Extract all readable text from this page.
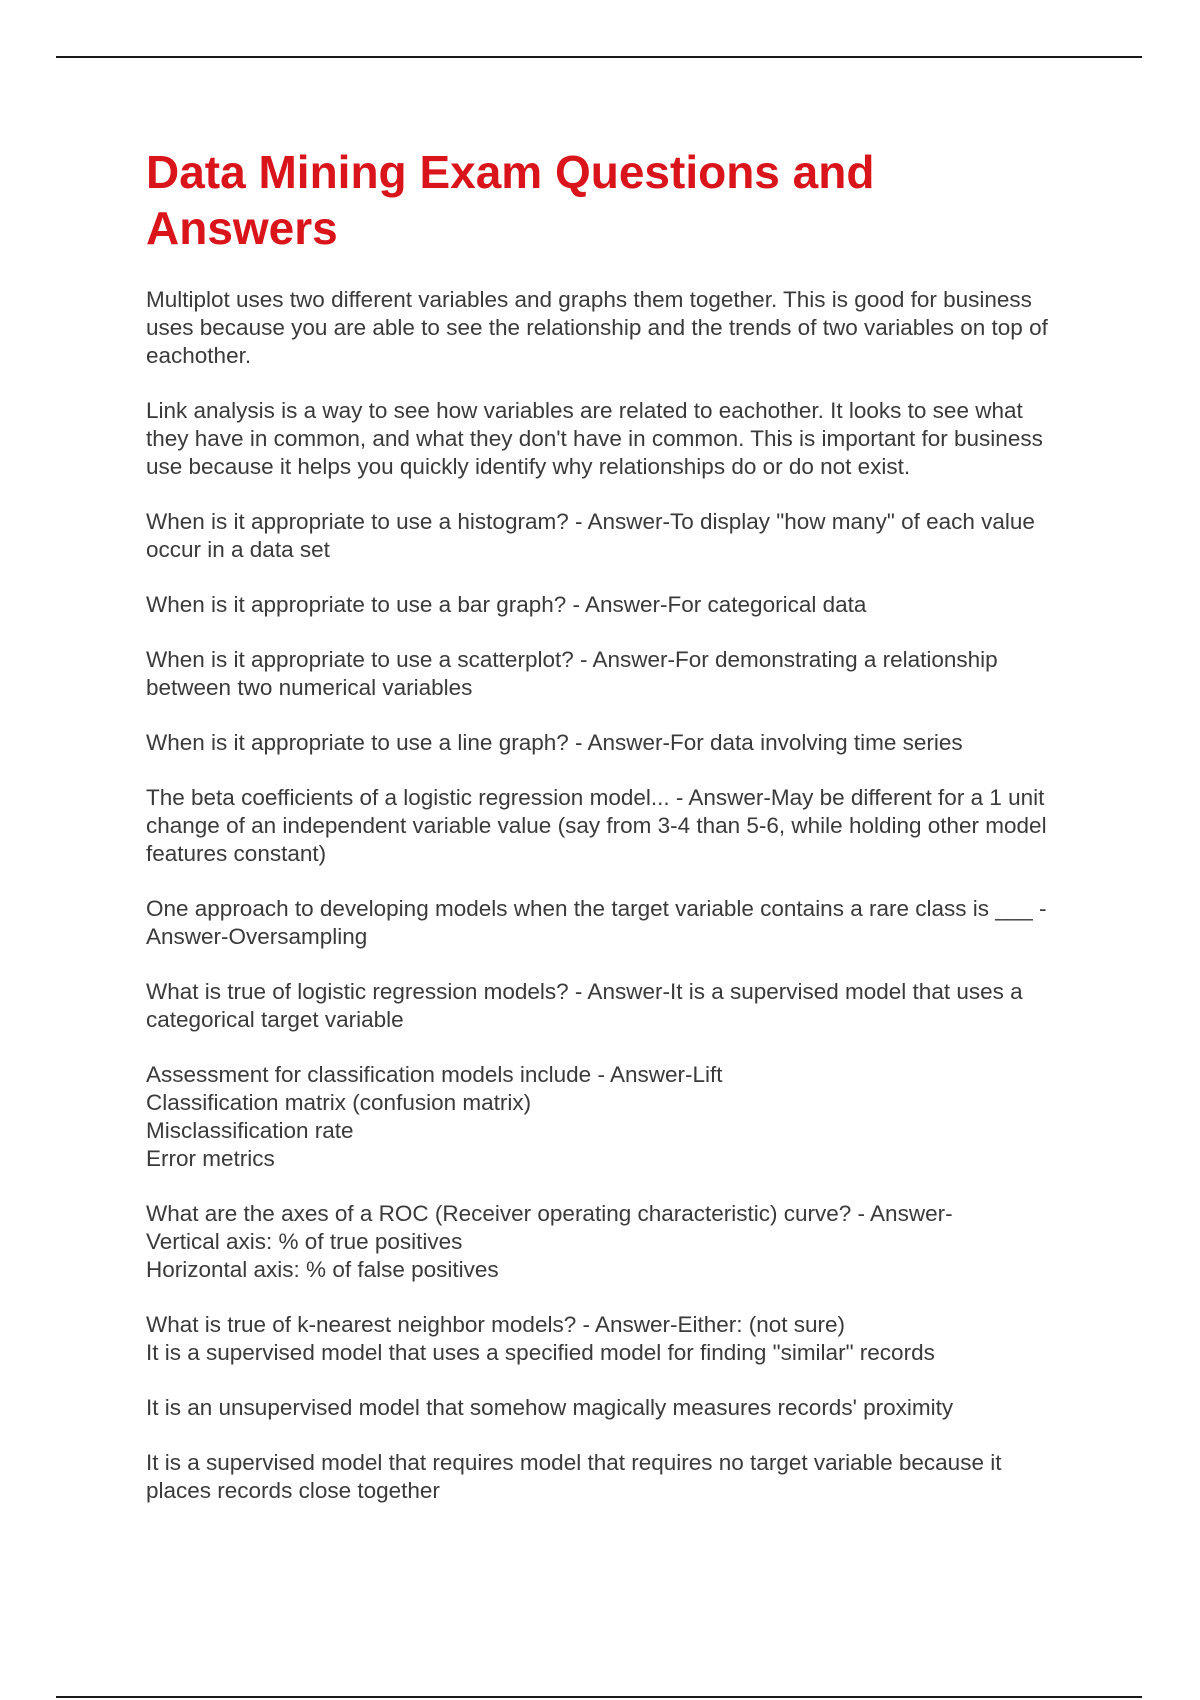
Data Mining Exam Questions and Answers

Multiplot uses two different variables and graphs them together. This is good for business uses because you are able to see the relationship and the trends of two variables on top of eachother.

Link analysis is a way to see how variables are related to eachother. It looks to see what they have in common, and what they don't have in common. This is important for business use because it helps you quickly identify why relationships do or do not exist.

When is it appropriate to use a histogram? - Answer-To display "how many" of each value occur in a data set

When is it appropriate to use a bar graph? - Answer-For categorical data

When is it appropriate to use a scatterplot? - Answer-For demonstrating a relationship between two numerical variables

When is it appropriate to use a line graph? - Answer-For data involving time series

The beta coefficients of a logistic regression model... - Answer-May be different for a 1 unit change of an independent variable value (say from 3-4 than 5-6, while holding other model features constant)

One approach to developing models when the target variable contains a rare class is ___ - Answer-Oversampling

What is true of logistic regression models? - Answer-It is a supervised model that uses a categorical target variable

Assessment for classification models include - Answer-Lift
Classification matrix (confusion matrix)
Misclassification rate
Error metrics

What are the axes of a ROC (Receiver operating characteristic) curve? - Answer-
Vertical axis: % of true positives
Horizontal axis: % of false positives

What is true of k-nearest neighbor models? - Answer-Either: (not sure)
It is a supervised model that uses a specified model for finding "similar" records

It is an unsupervised model that somehow magically measures records' proximity

It is a supervised model that requires model that requires no target variable because it places records close together
